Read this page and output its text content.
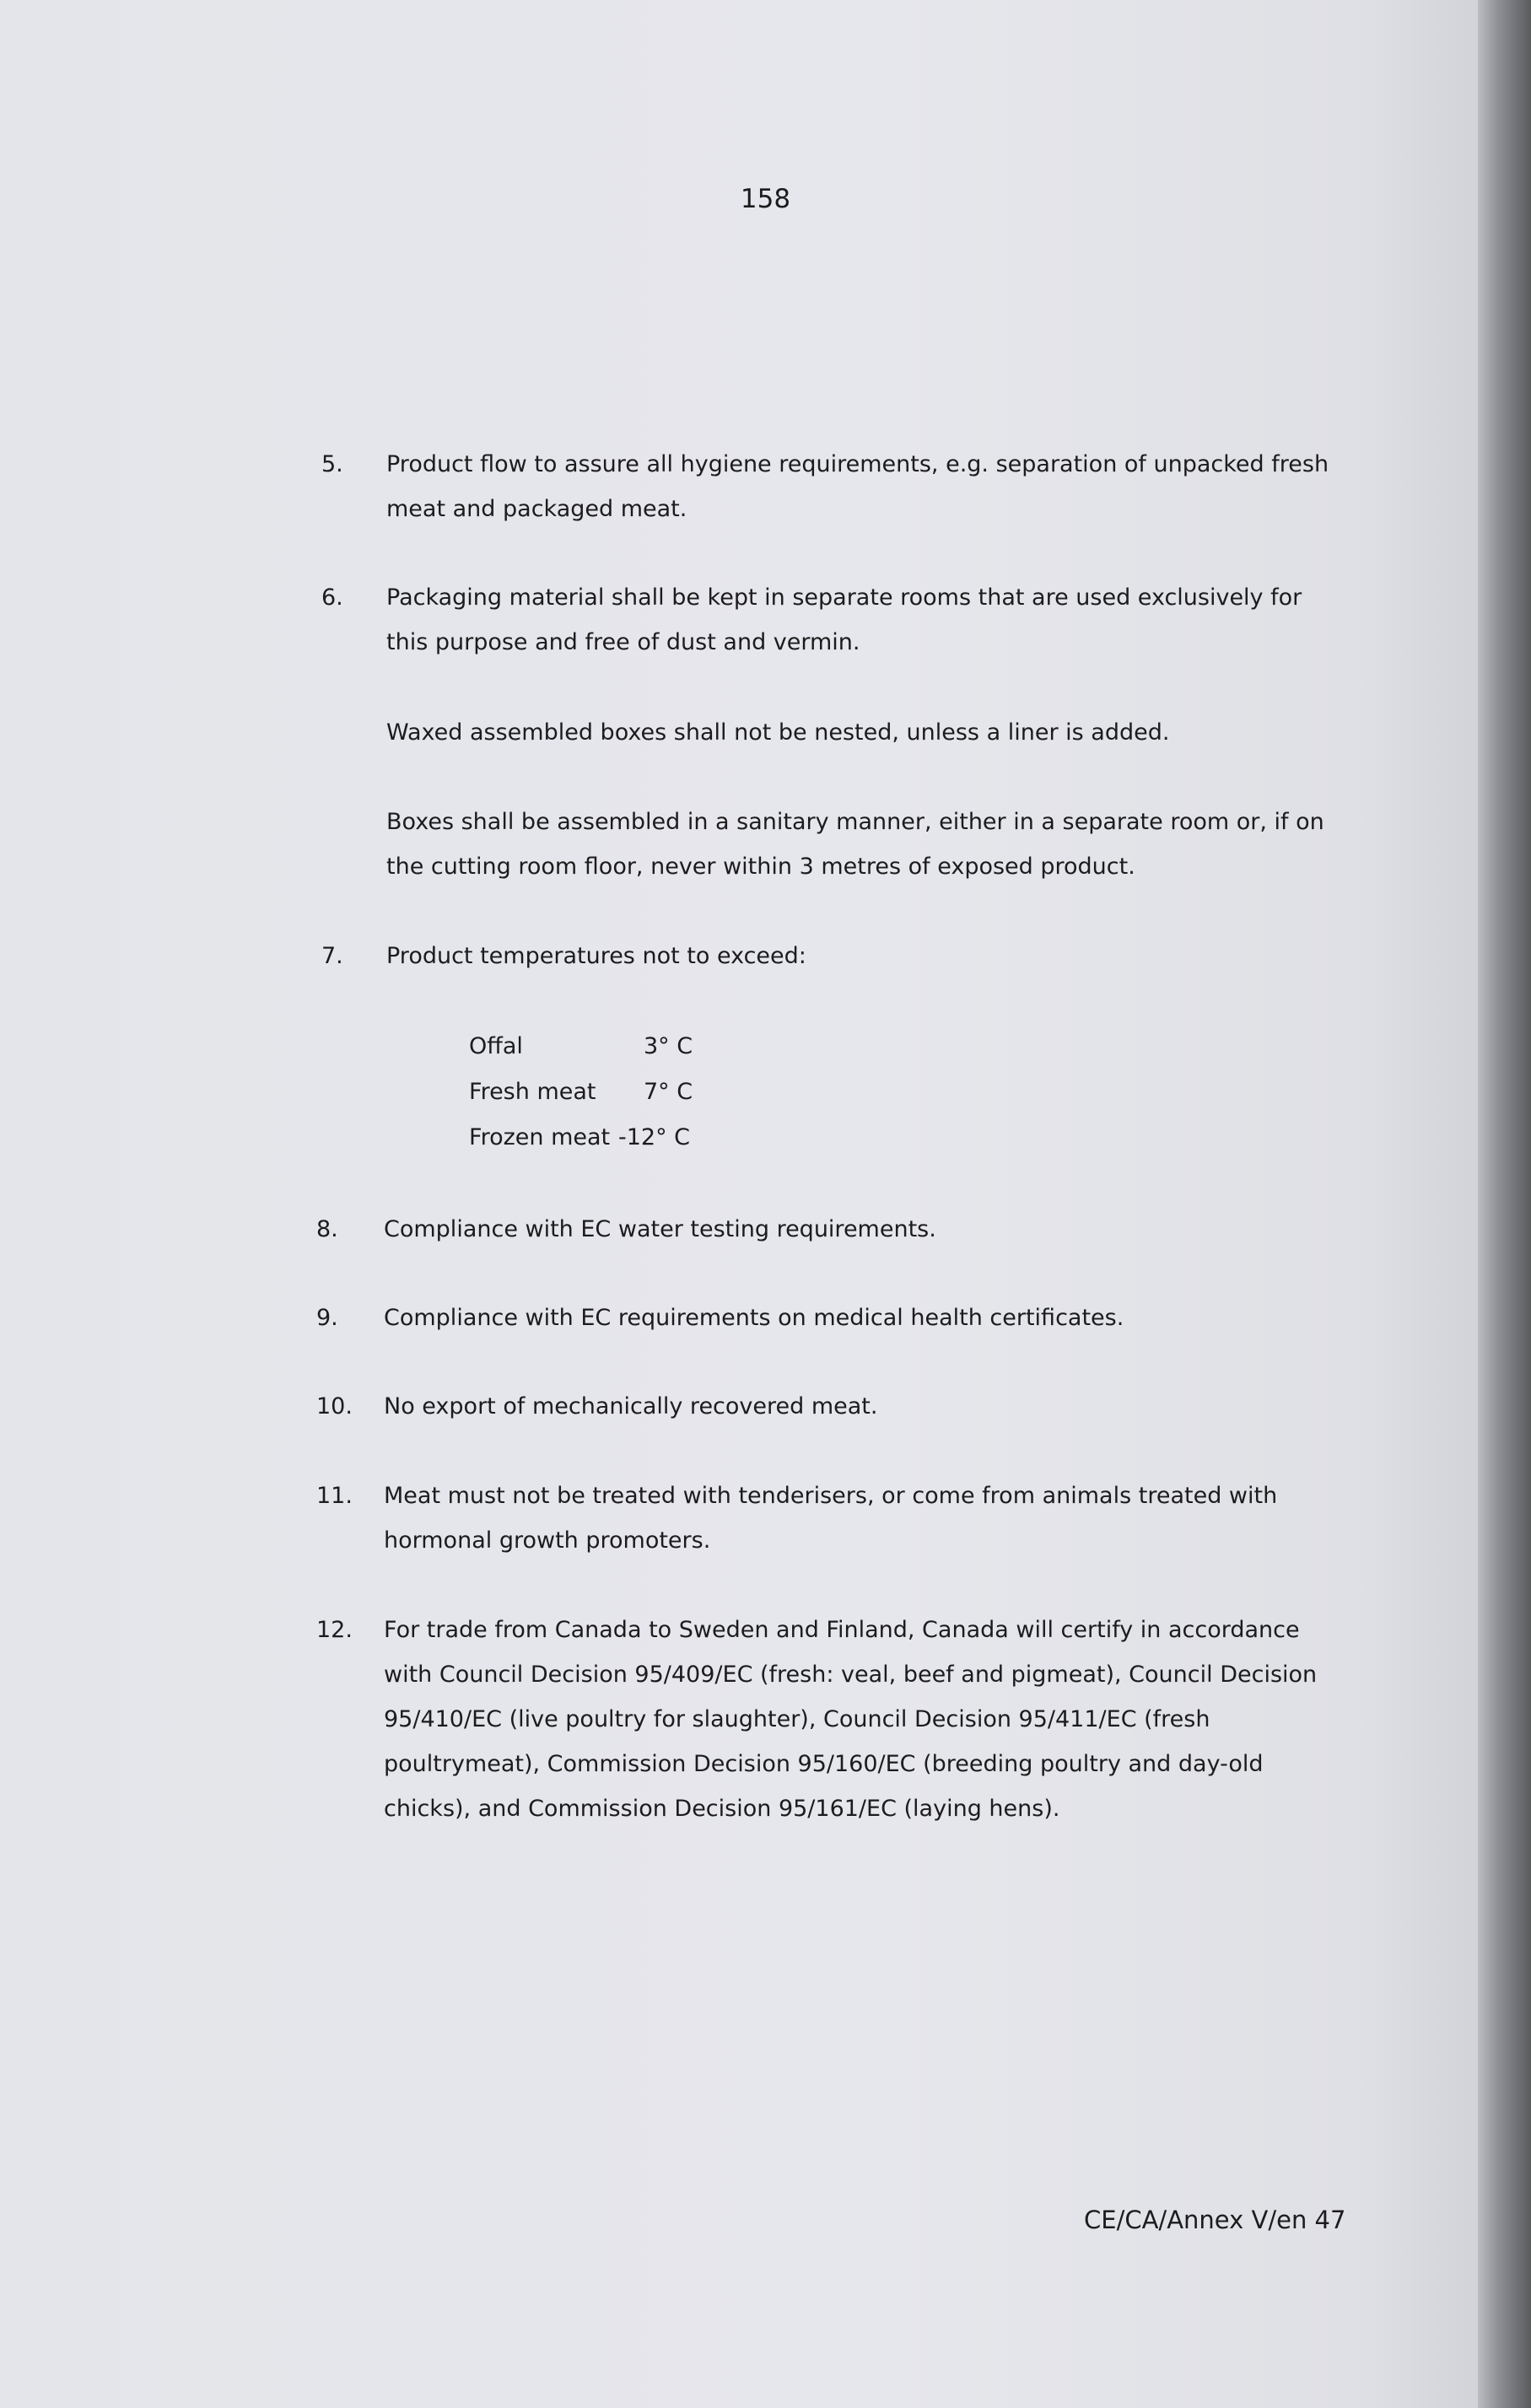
158
5. Product flow to assure all hygiene requirements, e.g. separation of unpacked fresh meat and packaged meat.
6. Packaging material shall be kept in separate rooms that are used exclusively for this purpose and free of dust and vermin.
Waxed assembled boxes shall not be nested, unless a liner is added.
Boxes shall be assembled in a sanitary manner, either in a separate room or, if on the cutting room floor, never within 3 metres of exposed product.
7. Product temperatures not to exceed:
Offal	3° C
Fresh meat 7° C
Frozen meat -12° C
8. Compliance with EC water testing requirements.
9. Compliance with EC requirements on medical health certificates.
10. No export of mechanically recovered meat.
11. Meat must not be treated with tenderisers, or come from animals treated with hormonal growth promoters.
12. For trade from Canada to Sweden and Finland, Canada will certify in accordance with Council Decision 95/409/EC (fresh: veal, beef and pigmeat), Council Decision 95/410/EC (live poultry for slaughter), Council Decision 95/411/EC (fresh poultrymeat), Commission Decision 95/160/EC (breeding poultry and day-old chicks), and Commission Decision 95/161/EC (laying hens).
CE/CA/Annex V/en 47
